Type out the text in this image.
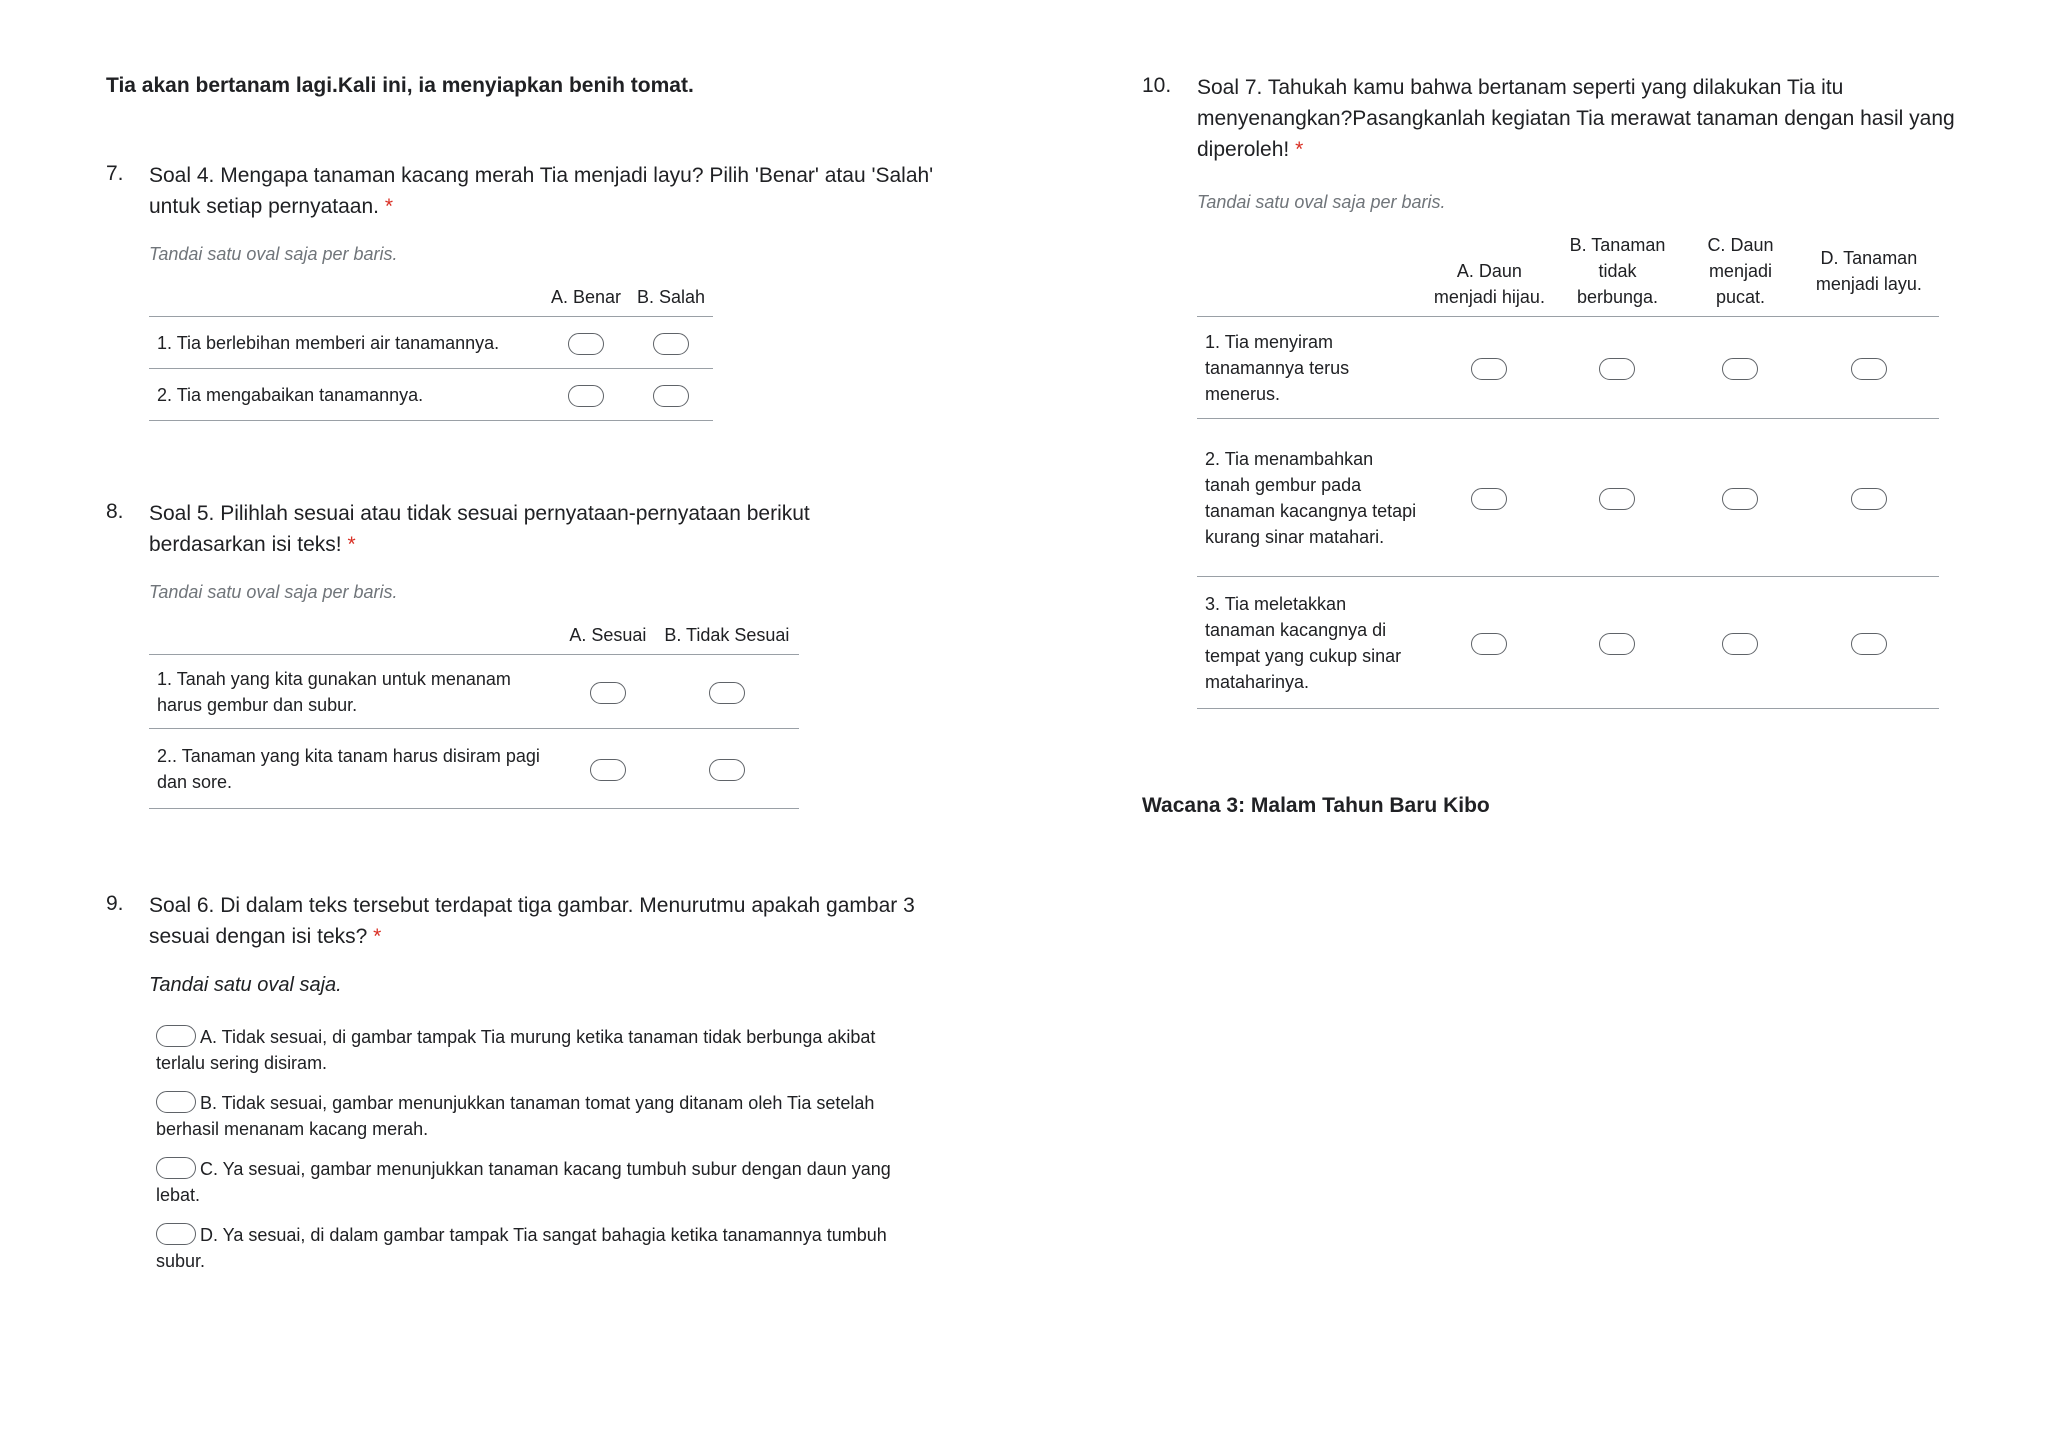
Tia akan bertanam lagi.Kali ini, ia menyiapkan benih tomat.
7. Soal 4. Mengapa tanaman kacang merah Tia menjadi layu? Pilih 'Benar' atau 'Salah' untuk setiap pernyataan. *
Tandai satu oval saja per baris.
	A. Benar	B. Salah
1. Tia berlebihan memberi air tanamannya.		
2. Tia mengabaikan tanamannya.		
8. Soal 5. Pilihlah sesuai atau tidak sesuai pernyataan-pernyataan berikut berdasarkan isi teks! *
Tandai satu oval saja per baris.
	A. Sesuai	B. Tidak Sesuai
1. Tanah yang kita gunakan untuk menanam harus gembur dan subur.		
2.. Tanaman yang kita tanam harus disiram pagi dan sore.		
9. Soal 6. Di dalam teks tersebut terdapat tiga gambar. Menurutmu apakah gambar 3 sesuai dengan isi teks? *
Tandai satu oval saja.
A. Tidak sesuai, di gambar tampak Tia murung ketika tanaman tidak berbunga akibat terlalu sering disiram.
B. Tidak sesuai, gambar menunjukkan tanaman tomat yang ditanam oleh Tia setelah berhasil menanam kacang merah.
C. Ya sesuai, gambar menunjukkan tanaman kacang tumbuh subur dengan daun yang lebat.
D. Ya sesuai, di dalam gambar tampak Tia sangat bahagia ketika tanamannya tumbuh subur.
10. Soal 7. Tahukah kamu bahwa bertanam seperti yang dilakukan Tia itu menyenangkan?Pasangkanlah kegiatan Tia merawat tanaman dengan hasil yang diperoleh! *
Tandai satu oval saja per baris.
	A. Daun menjadi hijau.	B. Tanaman tidak berbunga.	C. Daun menjadi pucat.	D. Tanaman menjadi layu.
1. Tia menyiram tanamannya terus menerus.				
2. Tia menambahkan tanah gembur pada tanaman kacangnya tetapi kurang sinar matahari.				
3. Tia meletakkan tanaman kacangnya di tempat yang cukup sinar mataharinya.				
Wacana 3: Malam Tahun Baru Kibo
